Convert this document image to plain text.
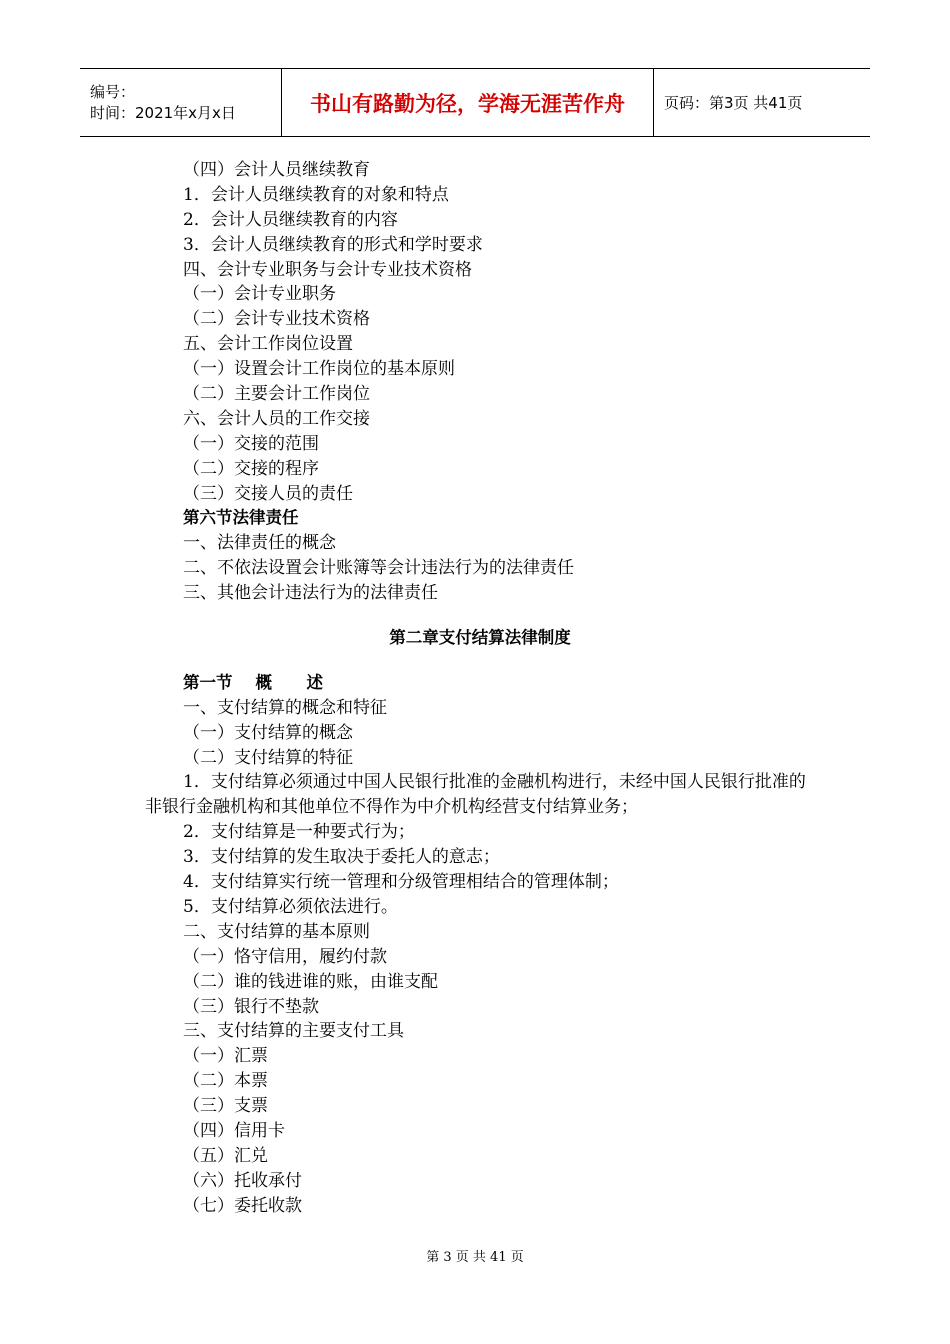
编号：
时间：2021年x月x日	书山有路勤为径，学海无涯苦作舟	页码：第3页 共41页
（四）会计人员继续教育
1．会计人员继续教育的对象和特点
2．会计人员继续教育的内容
3．会计人员继续教育的形式和学时要求
四、会计专业职务与会计专业技术资格
（一）会计专业职务
（二）会计专业技术资格
五、会计工作岗位设置
（一）设置会计工作岗位的基本原则
（二）主要会计工作岗位
六、会计人员的工作交接
（一）交接的范围
（二）交接的程序
（三）交接人员的责任
第六节法律责任
一、法律责任的概念
二、不依法设置会计账簿等会计违法行为的法律责任
三、其他会计违法行为的法律责任
第二章支付结算法律制度
第一节    概      述
一、支付结算的概念和特征
（一）支付结算的概念
（二）支付结算的特征
1．支付结算必须通过中国人民银行批准的金融机构进行，未经中国人民银行批准的非银行金融机构和其他单位不得作为中介机构经营支付结算业务；
2．支付结算是一种要式行为；
3．支付结算的发生取决于委托人的意志；
4．支付结算实行统一管理和分级管理相结合的管理体制；
5．支付结算必须依法进行。
二、支付结算的基本原则
（一）恪守信用，履约付款
（二）谁的钱进谁的账，由谁支配
（三）银行不垫款
三、支付结算的主要支付工具
（一）汇票
（二）本票
（三）支票
（四）信用卡
（五）汇兑
（六）托收承付
（七）委托收款
第 3 页 共 41 页
